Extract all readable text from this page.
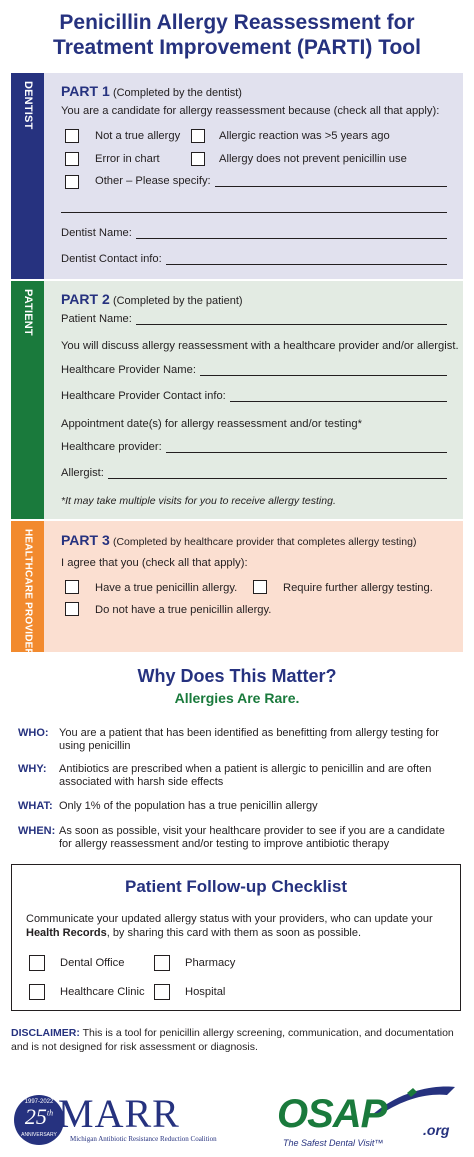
Penicillin Allergy Reassessment for
Treatment Improvement (PARTI) Tool
DENTIST PART 1 (Completed by the dentist)
You are a candidate for allergy reassessment because (check all that apply):
Not a true allergy	Allergic reaction was >5 years ago
Error in chart	Allergy does not prevent penicillin use
Other – Please specify:
Dentist Name:
Dentist Contact info:
PATIENT PART 2 (Completed by the patient)
Patient Name:
You will discuss allergy reassessment with a healthcare provider and/or allergist.
Healthcare Provider Name:
Healthcare Provider Contact info:
Appointment date(s) for allergy reassessment and/or testing*
Healthcare provider:
Allergist:
*It may take multiple visits for you to receive allergy testing.
HEALTHCARE PROVIDER PART 3 (Completed by healthcare provider that completes allergy testing)
I agree that you (check all that apply):
Have a true penicillin allergy.	Require further allergy testing.
Do not have a true penicillin allergy.
Why Does This Matter?
Allergies Are Rare.
WHO: You are a patient that has been identified as benefitting from allergy testing for using penicillin
WHY: Antibiotics are prescribed when a patient is allergic to penicillin and are often associated with harsh side effects
WHAT: Only 1% of the population has a true penicillin allergy
WHEN: As soon as possible, visit your healthcare provider to see if you are a candidate for allergy reassessment and/or testing to improve antibiotic therapy
Patient Follow-up Checklist
Communicate your updated allergy status with your providers, who can update your Health Records, by sharing this card with them as soon as possible.
Dental Office	Pharmacy
Healthcare Clinic	Hospital
DISCLAIMER: This is a tool for penicillin allergy screening, communication, and documentation and is not designed for risk assessment or diagnosis.
1997-2022
25th
ANNIVERSARY MARR
Michigan Antibiotic Resistance Reduction Coalition
OSAP	.org
The Safest Dental Visit™
